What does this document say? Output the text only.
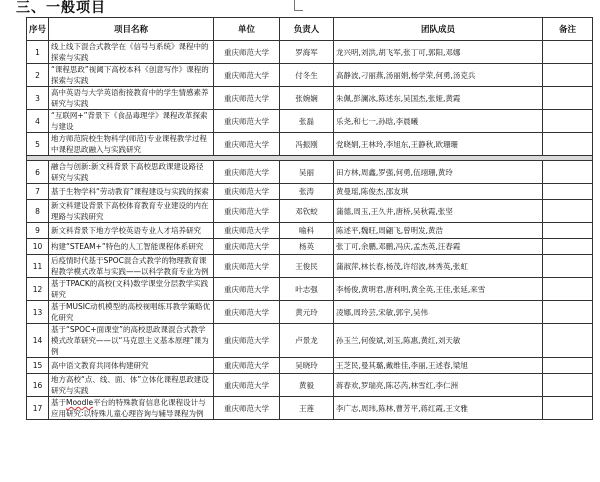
三、一般项目
序号	项目名称	单位	负责人	团队成员	备注
1	线上线下混合式教学在《信号与系统》课程中的探索与实践	重庆师范大学	罗海军	龙兴明,刘洪,胡飞军,张丁可,郭阳,邓娜	
2	“课程思政”视阈下高校本科《创意写作》课程的探索与实践	重庆师范大学	付冬生	高静波,刁丽燕,汤丽娟,杨学荣,何勇,汤克兵	
3	高中英语与大学英语衔接教育中的学生情感素养研究与实践	重庆师范大学	张婉娴	朱佩,彭澜冰,陈述东,吴国杰,张娅,黄霞	
4	“互联网+”背景下《食品毒理学》课程改革探索与建设	重庆师范大学	张磊	乐尧,和七一,孙晗,李晨曦	
5	地方师范院校生物科学(师范)专业课程教学过程中课程思政融入与实践研究	重庆师范大学	冯振刚	党晓娟,王林玲,李旭东,王静秋,欧珊珊	

6	融合与创新:新文科背景下高校思政课建设路径研究与实践	重庆师范大学	吴丽	田方林,周鑫,罗强,何勇,伍翊珊,黄玲	
7	基于生物学科“劳动教育”课程建设与实践的探索	重庆师范大学	张涛	黄曼瑶,陈俊杰,邵友琪	
8	新文科建设背景下高校体育教育专业建设的内在理路与实践研究	重庆师范大学	邓钦蛟	蒲德,周玉,王久井,唐桥,吴秋霞,张坚	
9	新文科背景下地方学校英语专业人才培养研究	重庆师范大学	喻科	陈述平,魏旺,周翩飞,曾明发,黄浩	
10	构建“STEAM+”特色的人工智能课程体系研究	重庆师范大学	杨英	张丁可,余鹏,邓鹏,冯庆,孟杰英,汪春霞	
11	后疫情时代基于SPOC混合式教学的物理教育课程教学模式改革与实践——以科学教育专业为例	重庆师范大学	王俊民	蒲淑萍,林长春,杨茂,许绍波,林秀英,张虹	
12	基于TPACK的高校(文科)数学课堂分层教学实践研究	重庆师范大学	叶志强	李杨俊,黄明君,唐利明,黄全英,王佳,张延,来雪	
13	基于MUSIC动机模型的高校视唱练耳教学策略优化研究	重庆师范大学	黄元玲	凌娜,周玲芸,宋敏,郭宇,吴伟	
14	基于“SPOC+面课堂”的高校思政课混合式教学模式改革研究——以“马克思主义基本原理”课为例	重庆师范大学	卢景龙	孙玉兰,何俊斌,刘玉,陈惠,黄红,刘天敏	
15	高中语文教育共同体构建研究	重庆师范大学	吴晓玲	王芝民,曼其璐,戴维佳,李丽,王述春,梁旭	
16	地方高校“点、线、面、体”立体化课程思政建设研究与实践	重庆师范大学	黄毅	蒋春欢,罗瑞亮,陈芯芮,林雪红,李仁洲	
17	基于Moodle平台的特殊教育信息化课程设计与应用研究:以特殊儿童心理咨询与辅导课程为例	重庆师范大学	王莲	李广志,周玮,陈林,曹芳平,蒋红霞,王文雅	
